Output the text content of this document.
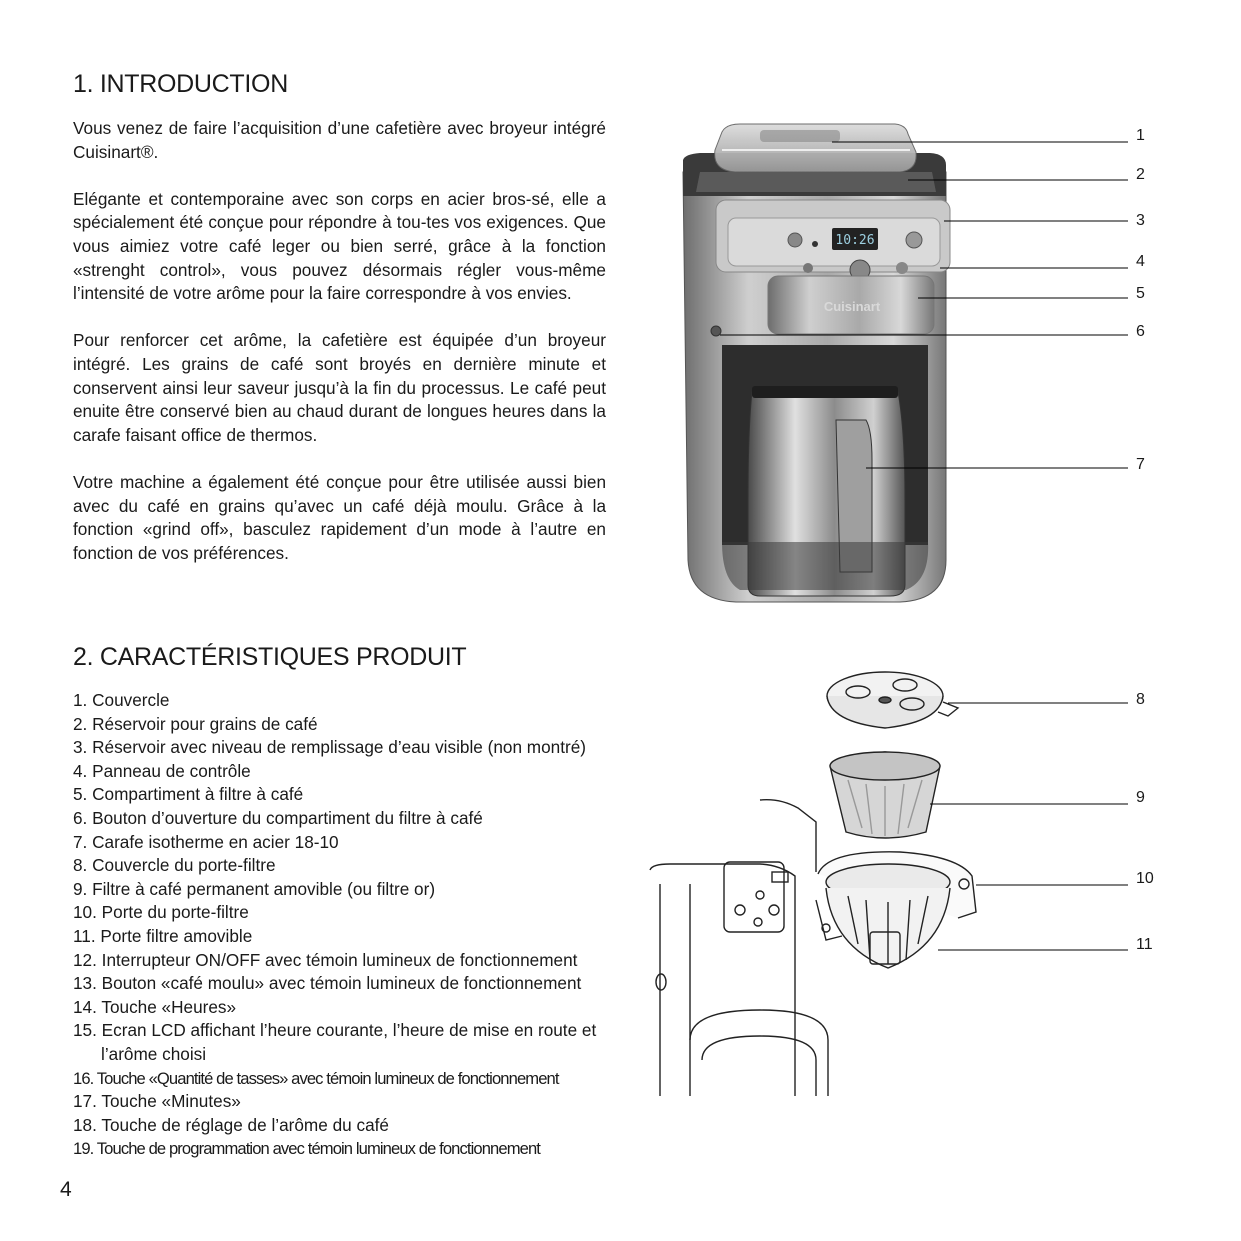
1. INTRODUCTION

Vous venez de faire l’acquisition d’une cafetière avec broyeur intégré Cuisinart®.

Elégante et contemporaine avec son corps en acier bros-sé, elle a spécialement été conçue pour répondre à tou-tes vos exigences. Que vous aimiez votre café leger ou bien serré, grâce à la fonction «strenght control», vous pouvez désormais régler vous-même l’intensité de votre arôme pour la faire correspondre à vos envies.

Pour renforcer cet arôme, la cafetière est équipée d’un broyeur intégré. Les grains de café sont broyés en dernière minute et conservent ainsi leur saveur jusqu’à la fin du processus. Le café peut enuite être conservé bien au chaud durant de longues heures dans la carafe faisant office de thermos.

Votre machine a également été conçue pour être utilisée aussi bien avec du café en grains qu’avec un café déjà moulu. Grâce à la fonction «grind off», basculez rapidement d’un mode à l’autre en fonction de vos préférences.

2. CARACTÉRISTIQUES PRODUIT
1. Couvercle
2. Réservoir pour grains de café
3. Réservoir avec niveau de remplissage d’eau visible (non montré)
4. Panneau de contrôle
5. Compartiment à filtre à café
6. Bouton d’ouverture du compartiment du filtre à café
7. Carafe isotherme en acier 18-10
8. Couvercle du porte-filtre
9. Filtre à café permanent amovible (ou filtre or)
10. Porte du porte-filtre
11. Porte filtre amovible
12. Interrupteur ON/OFF avec témoin lumineux de fonctionnement
13. Bouton «café moulu» avec témoin lumineux de fonctionnement
14. Touche «Heures»
15. Ecran LCD affichant l’heure courante, l’heure de mise en route et l’arôme choisi
16. Touche «Quantité de tasses» avec témoin lumineux de fonctionnement
17. Touche «Minutes»
18. Touche de réglage de l’arôme du café
19. Touche de programmation avec témoin lumineux de fonctionnement
4
10:26
Cuisinart
1
2
3
4
5
6
7
8
9
10
11
